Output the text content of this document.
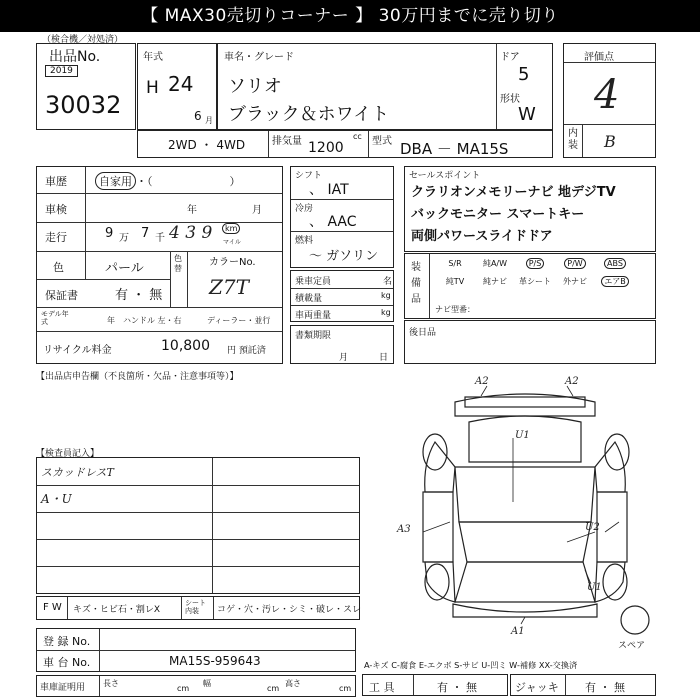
【 MAX30売切りコーナー 】 30万円までに売り切り
（検合機／対処済）
出品No.
2019
30032
年式
H 24
6 月
車名・グレード
ソリオ
ブラック＆ホワイト
ドア
5
形状
W
評価点
4
内装 B
2WD ・ 4WD	排気量	cc
1200	型式 DBA － MA15S
車歴	自家用 ・（　　　　　　　）
車検	年	月
走行	9 万 7 千 4 3 9	km
マイル
色	パール
色替
カラーNo.
保証書	有 ・ 無 Z7T
モデル年式	年 ハンドル 左・右	ディーラー・並行
リサイクル料金	10,800 円 預託済
シフト
、 IAT
冷房
、 AAC
燃料
～ ガソリン
乗車定員	名
積載量	kg
車両重量	kg
書類期限
月	日
セールスポイント
クラリオンメモリーナビ 地デジTV
バックモニター スマートキー
両側パワースライドドア
装備品
S/R	純A/W	P/S	P/W	ABS
純TV	純ナビ	革シート	外ナビ	エアB
ナビ型番：
後日品
【出品店申告欄（不良箇所・欠品・注意事項等）】
【検査員記入】
スカッドレスT
A・U
F W キズ・ヒビ石・割レX
シート内装	コゲ・穴・汚レ・シミ・破レ・スレ
登 録 No.
車 台 No.	MA15S-959643
車庫証明用 長さ
cm
幅
cm
高さ
cm
A-キズ C-腐食 E-エクボ S-サビ U-凹ミ W-補修 XX-交換済
工 具	有 ・ 無	ジャッキ 有 ・ 無
A2	A2
U1
A3	U2
U1
A1
スペア
